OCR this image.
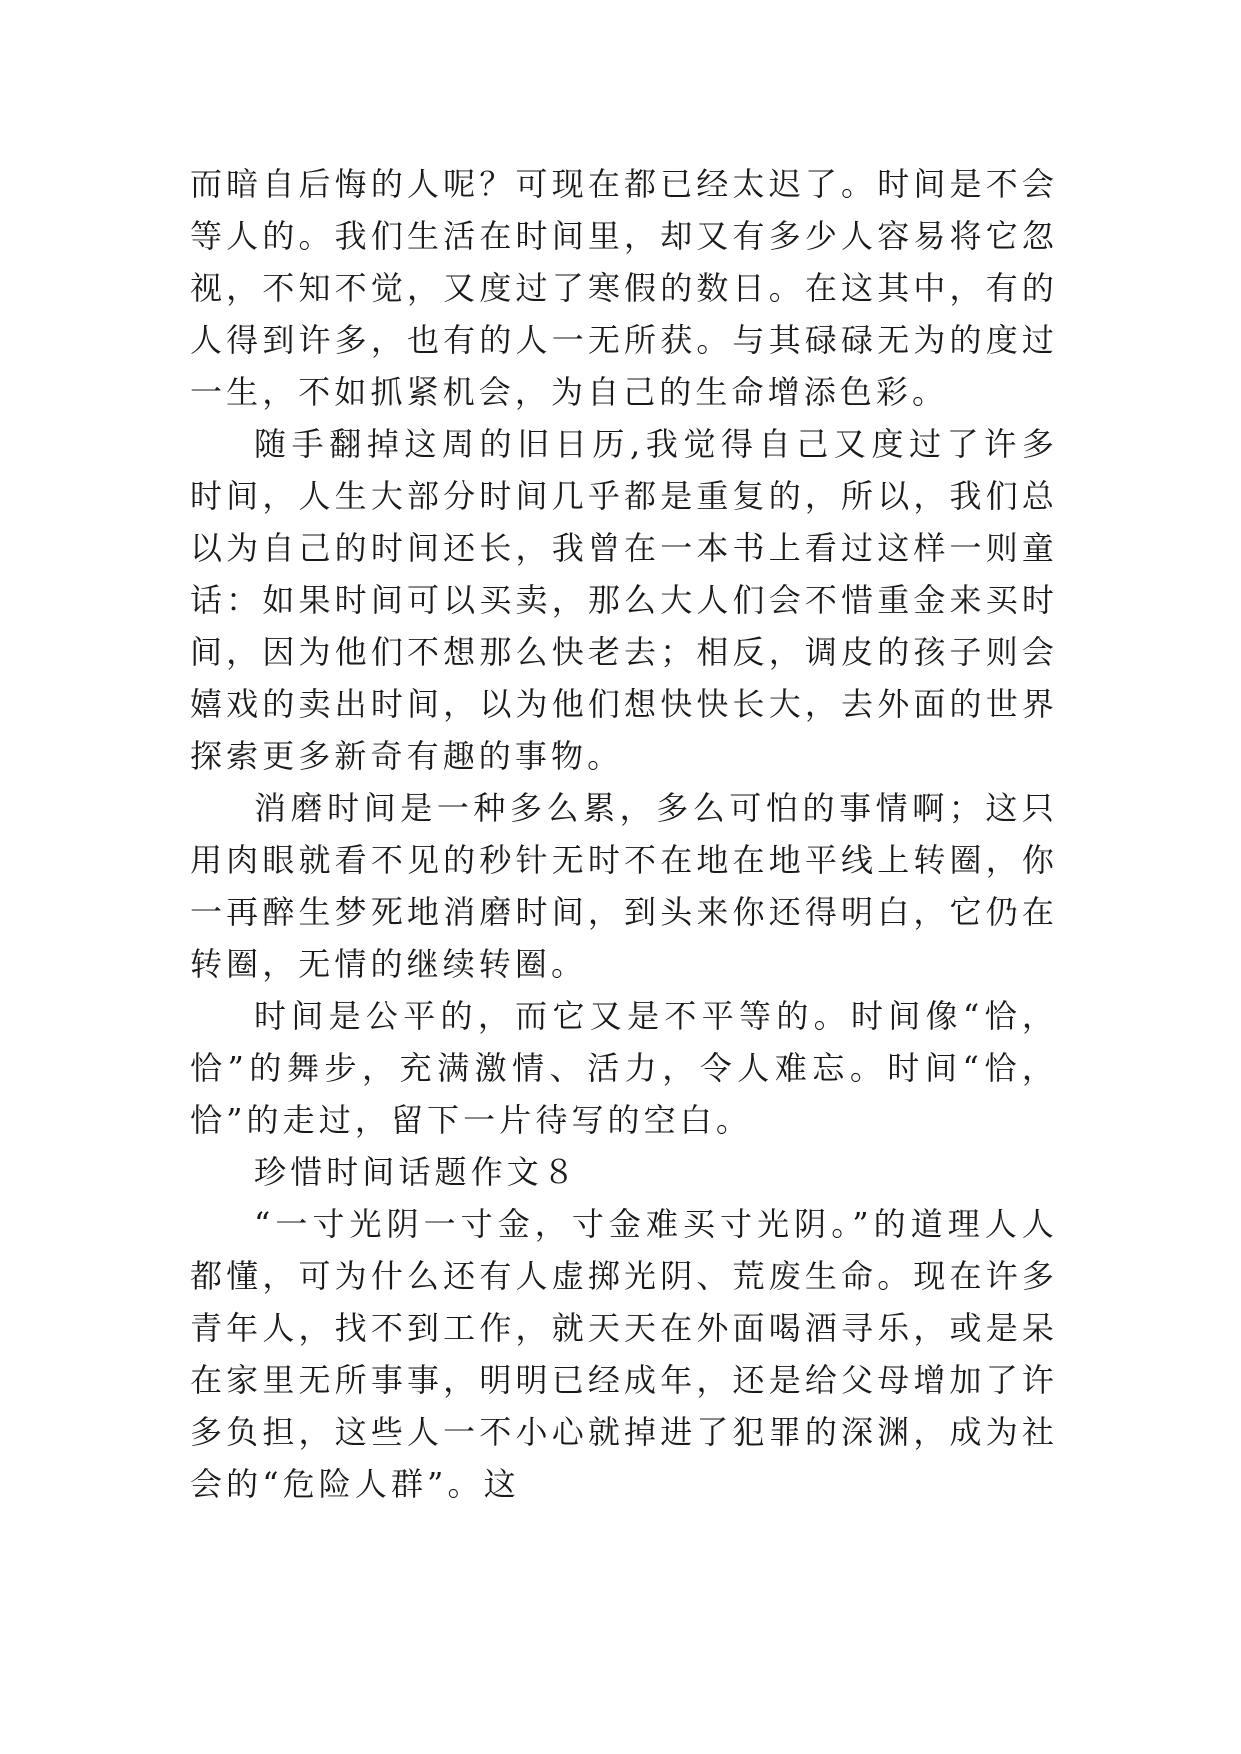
而暗自后悔的人呢？可现在都已经太迟了。时间是不会等人的。我们生活在时间里，却又有多少人容易将它忽视，不知不觉，又度过了寒假的数日。在这其中，有的人得到许多，也有的人一无所获。与其碌碌无为的度过一生，不如抓紧机会，为自己的生命增添色彩。

随手翻掉这周的旧日历,我觉得自己又度过了许多时间，人生大部分时间几乎都是重复的，所以，我们总以为自己的时间还长，我曾在一本书上看过这样一则童话：如果时间可以买卖，那么大人们会不惜重金来买时间，因为他们不想那么快老去；相反，调皮的孩子则会嬉戏的卖出时间，以为他们想快快长大，去外面的世界探索更多新奇有趣的事物。

消磨时间是一种多么累，多么可怕的事情啊；这只用肉眼就看不见的秒针无时不在地在地平线上转圈，你一再醉生梦死地消磨时间，到头来你还得明白，它仍在转圈，无情的继续转圈。

时间是公平的，而它又是不平等的。时间像“恰，恰”的舞步，充满激情、活力，令人难忘。时间“恰，恰”的走过，留下一片待写的空白。

珍惜时间话题作文８

“一寸光阴一寸金，寸金难买寸光阴。”的道理人人都懂，可为什么还有人虚掷光阴、荒废生命。现在许多青年人，找不到工作，就天天在外面喝酒寻乐，或是呆在家里无所事事，明明已经成年，还是给父母增加了许多负担，这些人一不小心就掉进了犯罪的深渊，成为社会的“危险人群”。这
